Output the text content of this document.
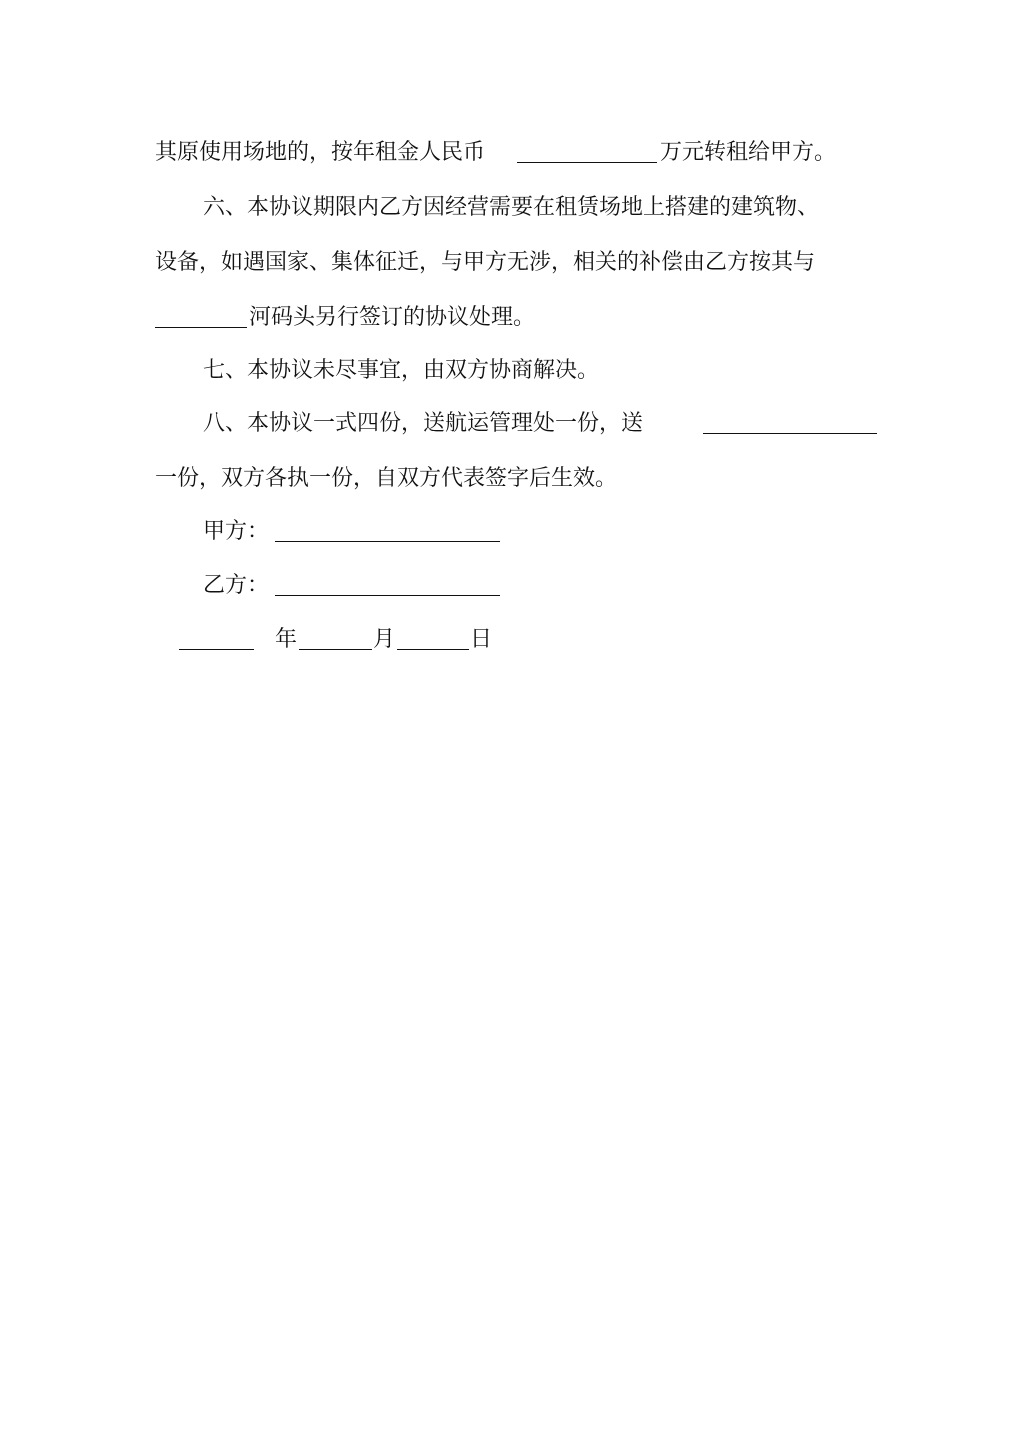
其原使用场地的，按年租金人民币	万元转租给甲方。
六、本协议期限内乙方因经营需要在租赁场地上搭建的建筑物、
设备，如遇国家、集体征迁，与甲方无涉，相关的补偿由乙方按其与
河码头另行签订的协议处理。
七、本协议未尽事宜，由双方协商解决。
八、本协议一式四份，送航运管理处一份，送
一份，双方各执一份，自双方代表签字后生效。
甲方：
乙方：
年	月	日
